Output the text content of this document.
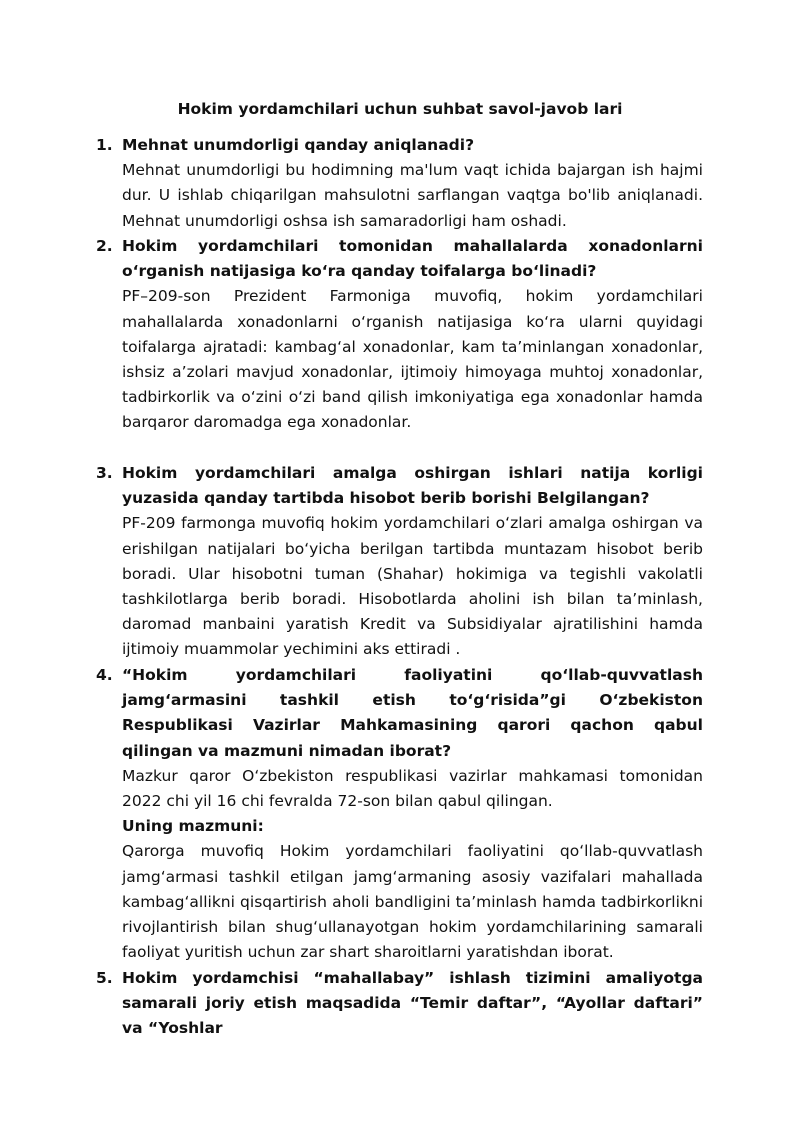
Hokim yordamchilari uchun suhbat savol-javob lari
1. Mehnat unumdorligi qanday aniqlanadi?

Mehnat unumdorligi bu hodimning ma'lum vaqt ichida bajargan ish hajmi dur. U ishlab chiqarilgan mahsulotni sarflangan vaqtga bo'lib aniqlanadi. Mehnat unumdorligi oshsa ish samaradorligi ham oshadi.

2. Hokim yordamchilari tomonidan mahallalarda xonadonlarni o‘rganish natijasiga ko‘ra qanday toifalarga bo‘linadi?

PF–209-son Prezident Farmoniga muvofiq, hokim yordamchilari mahallalarda xonadonlarni o‘rganish natijasiga ko‘ra ularni quyidagi toifalarga ajratadi: kambag‘al xonadonlar, kam ta’minlangan xonadonlar, ishsiz a’zolari mavjud xonadonlar, ijtimoiy himoyaga muhtoj xonadonlar, tadbirkorlik va o‘zini o‘zi band qilish imkoniyatiga ega xonadonlar hamda barqaror daromadga ega xonadonlar.

3. Hokim yordamchilari amalga oshirgan ishlari natija korligi yuzasida qanday tartibda hisobot berib borishi Belgilangan?

PF-209 farmonga muvofiq hokim yordamchilari oʻzlari amalga oshirgan va erishilgan natijalari boʻyicha berilgan tartibda muntazam hisobot berib boradi. Ular hisobotni tuman (Shahar) hokimiga va tegishli vakolatli tashkilotlarga berib boradi. Hisobotlarda aholini ish bilan taʼminlash, daromad manbaini yaratish Kredit va Subsidiyalar ajratilishini hamda ijtimoiy muammolar yechimini aks ettiradi .

4. “Hokim yordamchilari faoliyatini qo‘llab-quvvatlash jamg‘armasini tashkil etish to‘g‘risida”gi O‘zbekiston Respublikasi Vazirlar Mahkamasining qarori qachon qabul qilingan va mazmuni nimadan iborat?

Mazkur qaror Oʻzbekiston respublikasi vazirlar mahkamasi tomonidan 2022 chi yil 16 chi fevralda 72-son bilan qabul qilingan.

Uning mazmuni:

Qarorga muvofiq Hokim yordamchilari faoliyatini qoʻllab-quvvatlash jamgʻarmasi tashkil etilgan jamgʻarmaning asosiy vazifalari mahallada kambagʻallikni qisqartirish aholi bandligini taʼminlash hamda tadbirkorlikni rivojlantirish bilan shugʻullanayotgan hokim yordamchilarining samarali faoliyat yuritish uchun zar shart sharoitlarni yaratishdan iborat.

5. Hokim yordamchisi “mahallabay” ishlash tizimini amaliyotga samarali joriy etish maqsadida “Temir daftar”, “Ayollar daftari” va “Yoshlar
